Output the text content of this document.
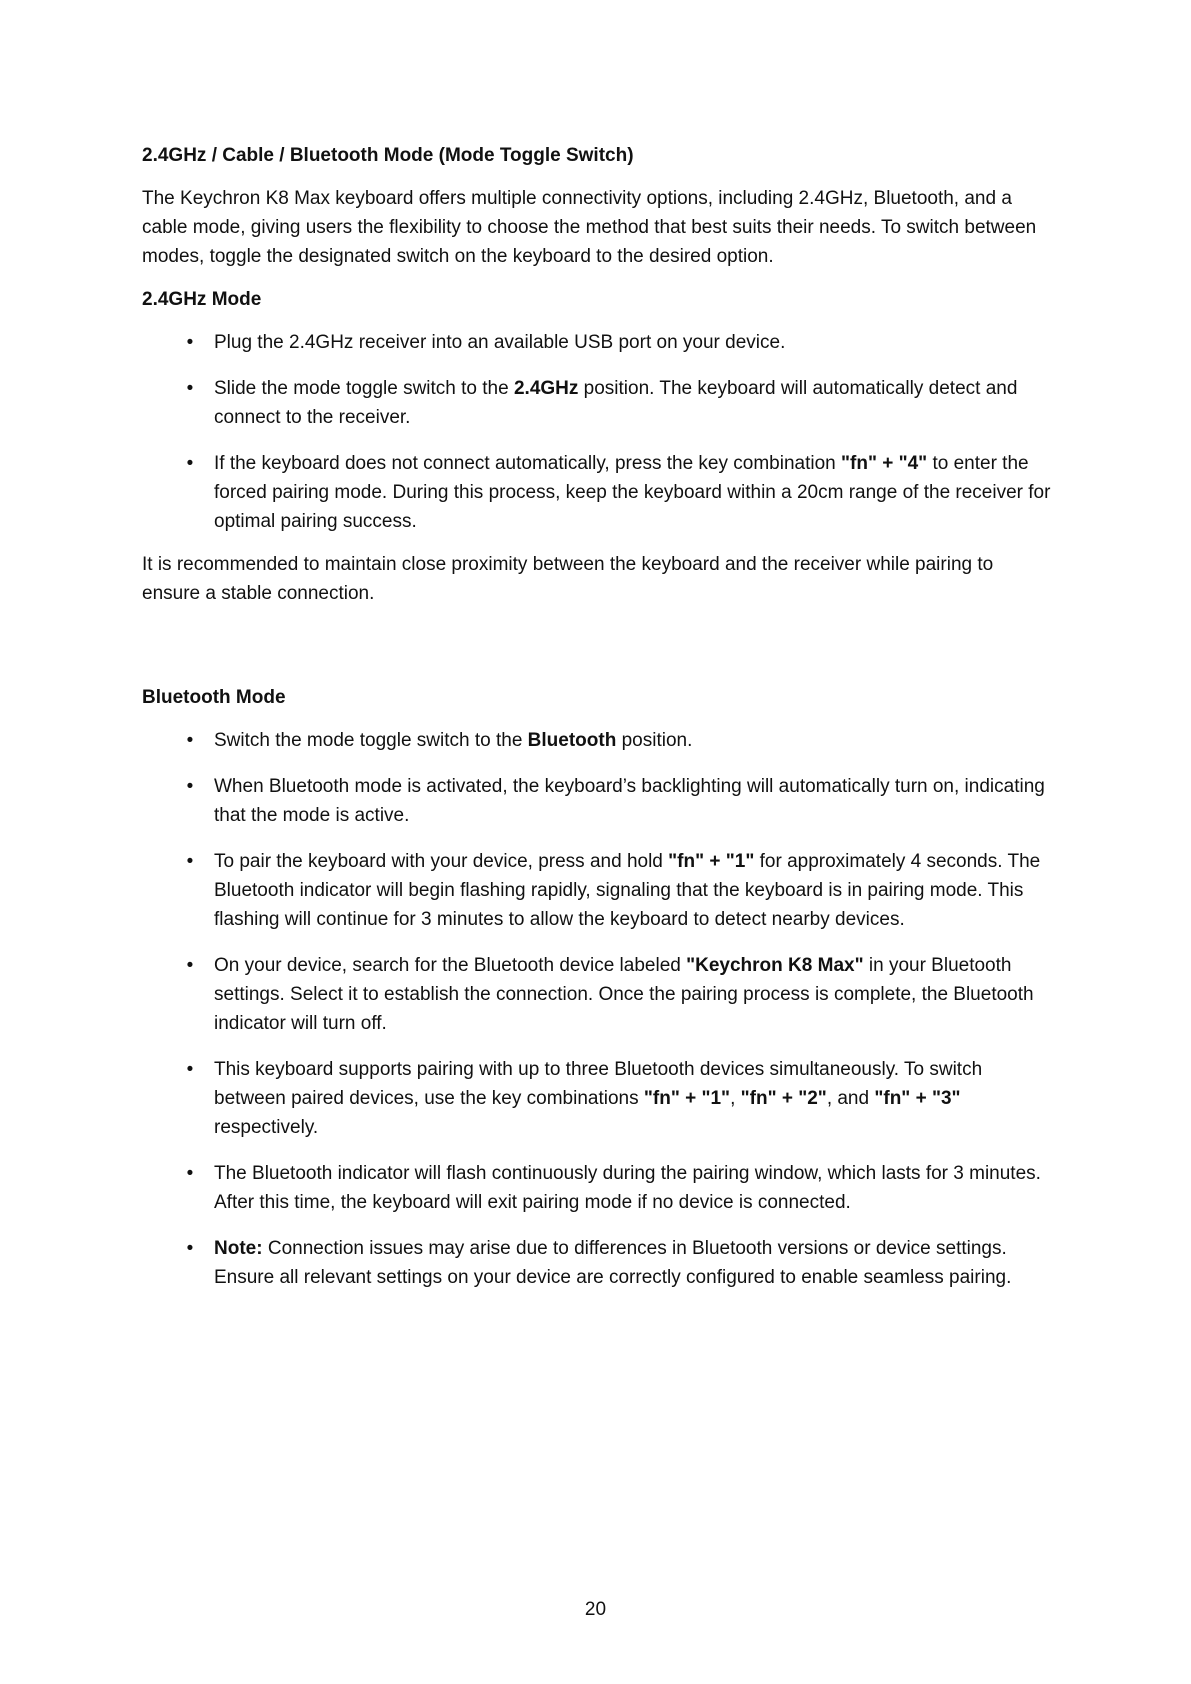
2.4GHz / Cable / Bluetooth Mode (Mode Toggle Switch)

The Keychron K8 Max keyboard offers multiple connectivity options, including 2.4GHz, Bluetooth, and a cable mode, giving users the flexibility to choose the method that best suits their needs. To switch between modes, toggle the designated switch on the keyboard to the desired option.

2.4GHz Mode
• Plug the 2.4GHz receiver into an available USB port on your device.
• Slide the mode toggle switch to the 2.4GHz position. The keyboard will automatically detect and connect to the receiver.
• If the keyboard does not connect automatically, press the key combination "fn" + "4" to enter the forced pairing mode. During this process, keep the keyboard within a 20cm range of the receiver for optimal pairing success.

It is recommended to maintain close proximity between the keyboard and the receiver while pairing to ensure a stable connection.

Bluetooth Mode
• Switch the mode toggle switch to the Bluetooth position.
• When Bluetooth mode is activated, the keyboard’s backlighting will automatically turn on, indicating that the mode is active.
• To pair the keyboard with your device, press and hold "fn" + "1" for approximately 4 seconds. The Bluetooth indicator will begin flashing rapidly, signaling that the keyboard is in pairing mode. This flashing will continue for 3 minutes to allow the keyboard to detect nearby devices.
• On your device, search for the Bluetooth device labeled "Keychron K8 Max" in your Bluetooth settings. Select it to establish the connection. Once the pairing process is complete, the Bluetooth indicator will turn off.
• This keyboard supports pairing with up to three Bluetooth devices simultaneously. To switch between paired devices, use the key combinations "fn" + "1", "fn" + "2", and "fn" + "3" respectively.
• The Bluetooth indicator will flash continuously during the pairing window, which lasts for 3 minutes. After this time, the keyboard will exit pairing mode if no device is connected.
• Note: Connection issues may arise due to differences in Bluetooth versions or device settings. Ensure all relevant settings on your device are correctly configured to enable seamless pairing.
20
